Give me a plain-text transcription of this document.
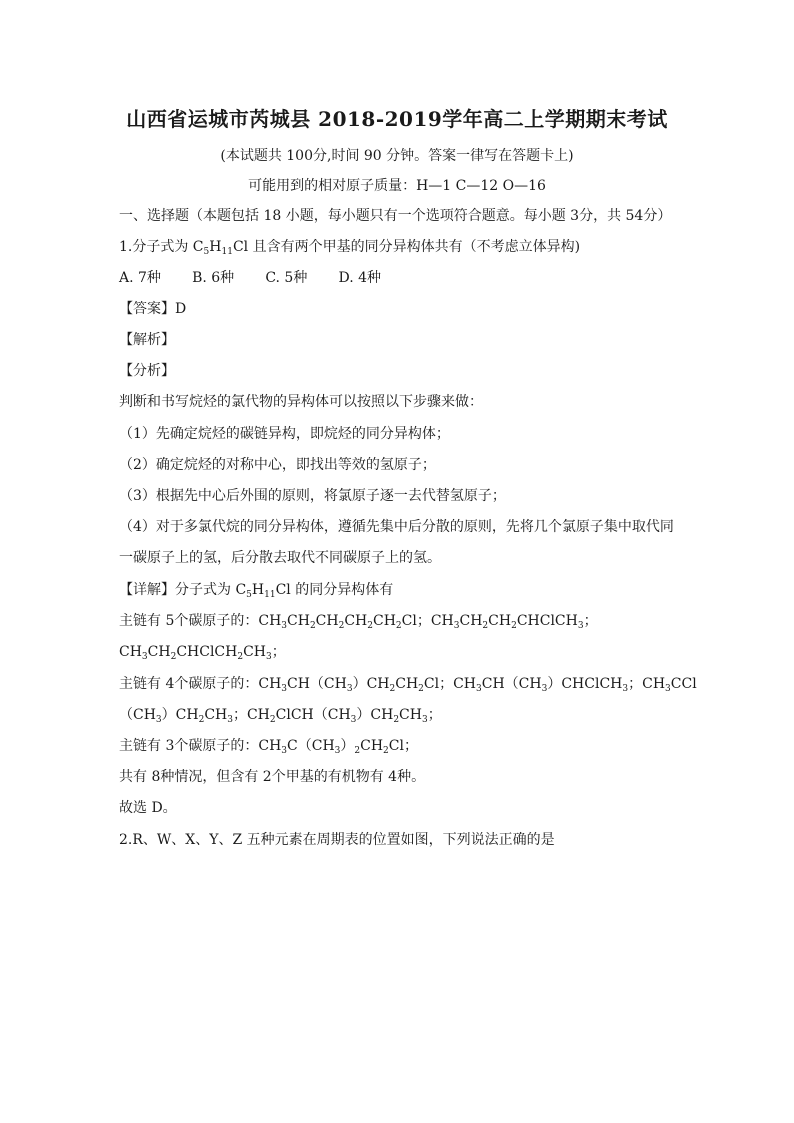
山西省运城市芮城县 2018-2019学年高二上学期期末考试
(本试题共 100分,时间 90 分钟。答案一律写在答题卡上)
可能用到的相对原子质量：H—1 C—12 O—16
一、选择题（本题包括 18 小题，每小题只有一个选项符合题意。每小题 3分，共 54分）
1.分子式为 $C_5H_{11}Cl$ 且含有两个甲基的同分异构体共有（不考虑立体异构)
A. 7种       B. 6种       C. 5种       D. 4种
【答案】D
【解析】
【分析】
判断和书写烷烃的氯代物的异构体可以按照以下步骤来做：
（1）先确定烷烃的碳链异构，即烷烃的同分异构体；
（2）确定烷烃的对称中心，即找出等效的氢原子；
（3）根据先中心后外围的原则，将氯原子逐一去代替氢原子；
（4）对于多氯代烷的同分异构体，遵循先集中后分散的原则，先将几个氯原子集中取代同
一碳原子上的氢，后分散去取代不同碳原子上的氢。
【详解】分子式为 $C_5H_{11}Cl$ 的同分异构体有
主链有 5个碳原子的：$CH_3CH_2CH_2CH_2CH_2Cl$；$CH_3CH_2CH_2CHClCH_3$；
$CH_3CH_2CHClCH_2CH_3$；
主链有 4个碳原子的：$CH_3CH(CH_3)CH_2CH_2Cl$；$CH_3CH(CH_3)CHClCH_3$；$CH_3CCl$
$(CH_3)CH_2CH_3$；$CH_2ClCH(CH_3)CH_2CH_3$；
主链有 3个碳原子的：$CH_3C(CH_3)_2CH_2Cl$；
共有 8种情况，但含有 2个甲基的有机物有 4种。
故选 D。
2.R、W、X、Y、Z 五种元素在周期表的位置如图，下列说法正确的是
